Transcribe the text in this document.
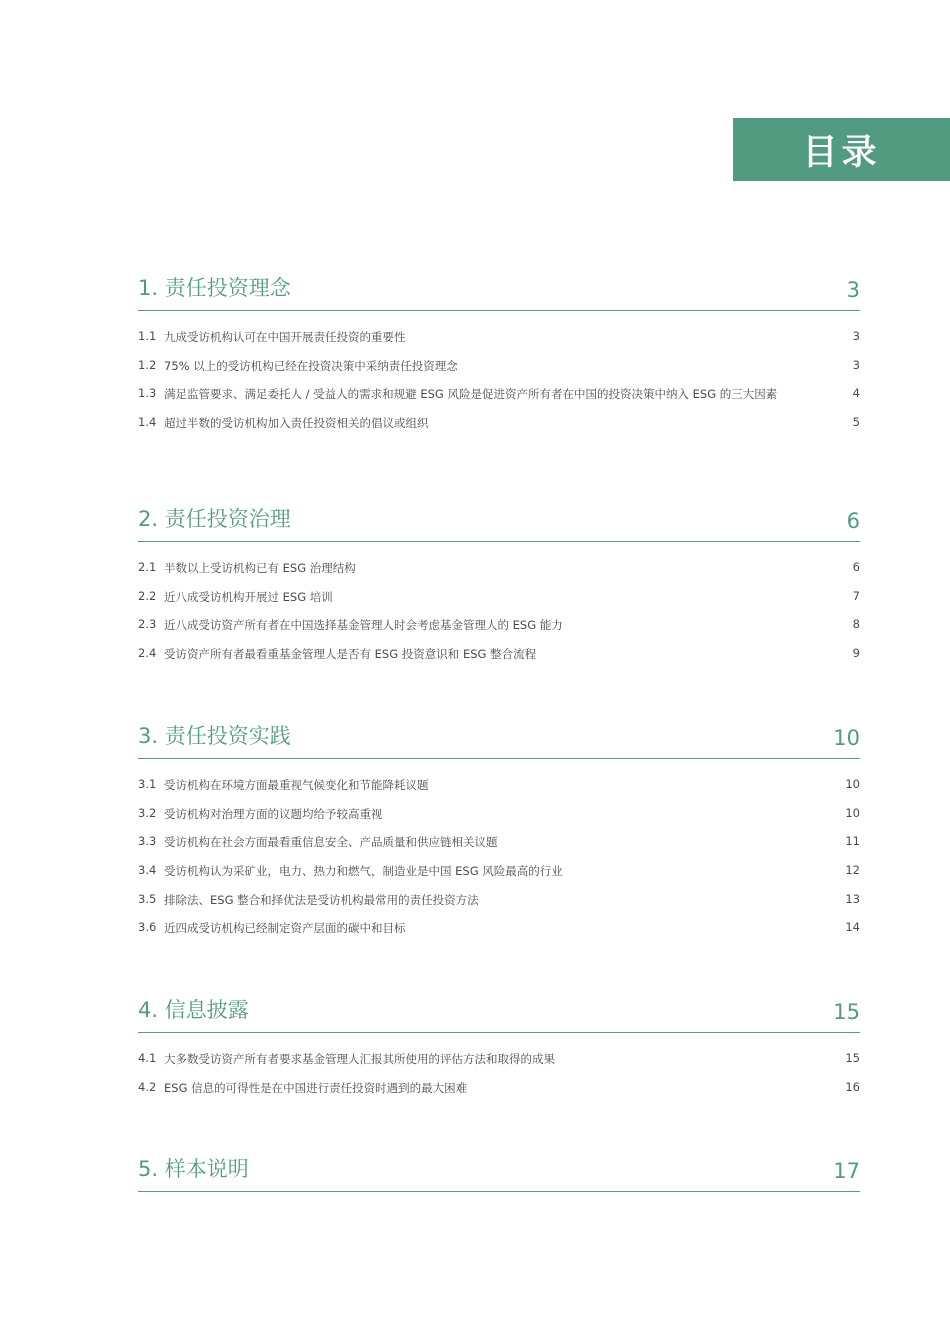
目录
1. 责任投资理念	3
1.1 九成受访机构认可在中国开展责任投资的重要性	3
1.2 75% 以上的受访机构已经在投资决策中采纳责任投资理念	3
1.3 满足监管要求、满足委托人 / 受益人的需求和规避 ESG 风险是促进资产所有者在中国的投资决策中纳入 ESG 的三大因素	4
1.4 超过半数的受访机构加入责任投资相关的倡议或组织	5
2. 责任投资治理	6
2.1 半数以上受访机构已有 ESG 治理结构	6
2.2 近八成受访机构开展过 ESG 培训	7
2.3 近八成受访资产所有者在中国选择基金管理人时会考虑基金管理人的 ESG 能力	8
2.4 受访资产所有者最看重基金管理人是否有 ESG 投资意识和 ESG 整合流程	9
3. 责任投资实践	10
3.1 受访机构在环境方面最重视气候变化和节能降耗议题	10
3.2 受访机构对治理方面的议题均给予较高重视	10
3.3 受访机构在社会方面最看重信息安全、产品质量和供应链相关议题	11
3.4 受访机构认为采矿业，电力、热力和燃气，制造业是中国 ESG 风险最高的行业	12
3.5 排除法、ESG 整合和择优法是受访机构最常用的责任投资方法	13
3.6 近四成受访机构已经制定资产层面的碳中和目标	14
4. 信息披露	15
4.1 大多数受访资产所有者要求基金管理人汇报其所使用的评估方法和取得的成果	15
4.2 ESG 信息的可得性是在中国进行责任投资时遇到的最大困难	16
5. 样本说明	17
